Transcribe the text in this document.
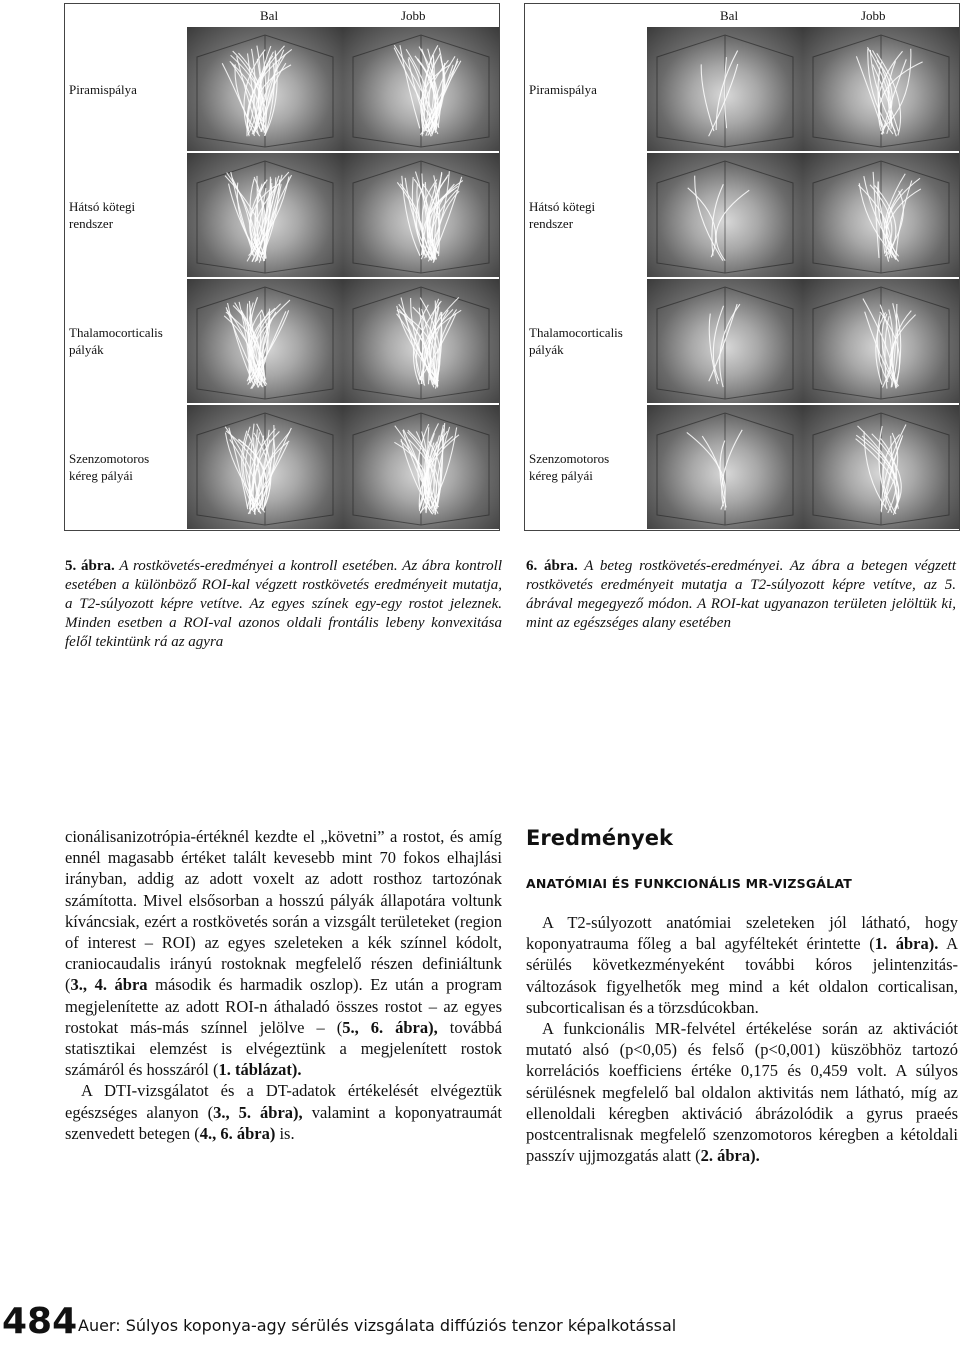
Bal	Jobb
Piramispálya
Hátsó kötegi rendszer
Thalamocorticalis pályák
Szenzomotoros kéreg pályái
Bal	Jobb
Piramispálya
Hátsó kötegi rendszer
Thalamocorticalis pályák
Szenzomotoros kéreg pályái
5. ábra. A rostkövetés-eredményei a kontroll esetében. Az ábra kontroll esetében a különböző ROI-kal végzett rostkövetés eredményeit mutatja, a T2-súlyozott képre vetítve. Az egyes színek egy-egy rostot jeleznek. Minden esetben a ROI-val azonos oldali frontális lebeny konvexitása felől tekintünk rá az agyra
6. ábra. A beteg rostkövetés-eredményei. Az ábra a betegen végzett rostkövetés eredményeit mutatja a T2-súlyozott képre vetítve, az 5. ábrával megegyező módon. A ROI-kat ugyanazon területen jelöltük ki, mint az egészséges alany esetében

cionálisanizotrópia-értéknél kezdte el „követni” a rostot, és amíg ennél magasabb értéket talált kevesebb mint 70 fokos elhajlási irányban, addig az adott voxelt az adott rosthoz tartozónak számította. Mivel elsősorban a hosszú pályák állapotára voltunk kíváncsiak, ezért a rostkövetés során a vizsgált területeket (region of interest – ROI) az egyes szeleteken a kék színnel kódolt, craniocaudalis irányú rostoknak megfelelő részen definiáltunk (3., 4. ábra második és harmadik oszlop). Ez után a program megjelenítette az adott ROI-n áthaladó összes rostot – az egyes rostokat más-más színnel jelölve – (5., 6. ábra), továbbá statisztikai elemzést is elvégeztünk a megjelenített rostok számáról és hosszáról (1. táblázat).

A DTI-vizsgálatot és a DT-adatok értékelését elvégeztük egészséges alanyon (3., 5. ábra), valamint a koponyatraumát szenvedett betegen (4., 6. ábra) is.

Eredmények
ANATÓMIAI ÉS FUNKCIONÁLIS MR-VIZSGÁLAT

A T2-súlyozott anatómiai szeleteken jól látható, hogy koponyatrauma főleg a bal agyféltekét érintette (1. ábra). A sérülés következményeként további kóros jelintenzitás-változások figyelhetők meg mind a két oldalon corticalisan, subcorticalisan és a törzsdúcokban.

A funkcionális MR-felvétel értékelése során az aktivációt mutató alsó (p<0,05) és felső (p<0,001) küszöbhöz tartozó korrelációs koefficiens értéke 0,175 és 0,459 volt. A súlyos sérülésnek megfelelő bal oldalon aktivitás nem látható, míg az ellenoldali kéregben aktiváció ábrázolódik a gyrus praeés postcentralisnak megfelelő szenzomotoros kéregben a kétoldali passzív ujjmozgatás alatt (2. ábra).

484 Auer: Súlyos koponya-agy sérülés vizsgálata diffúziós tenzor képalkotással
